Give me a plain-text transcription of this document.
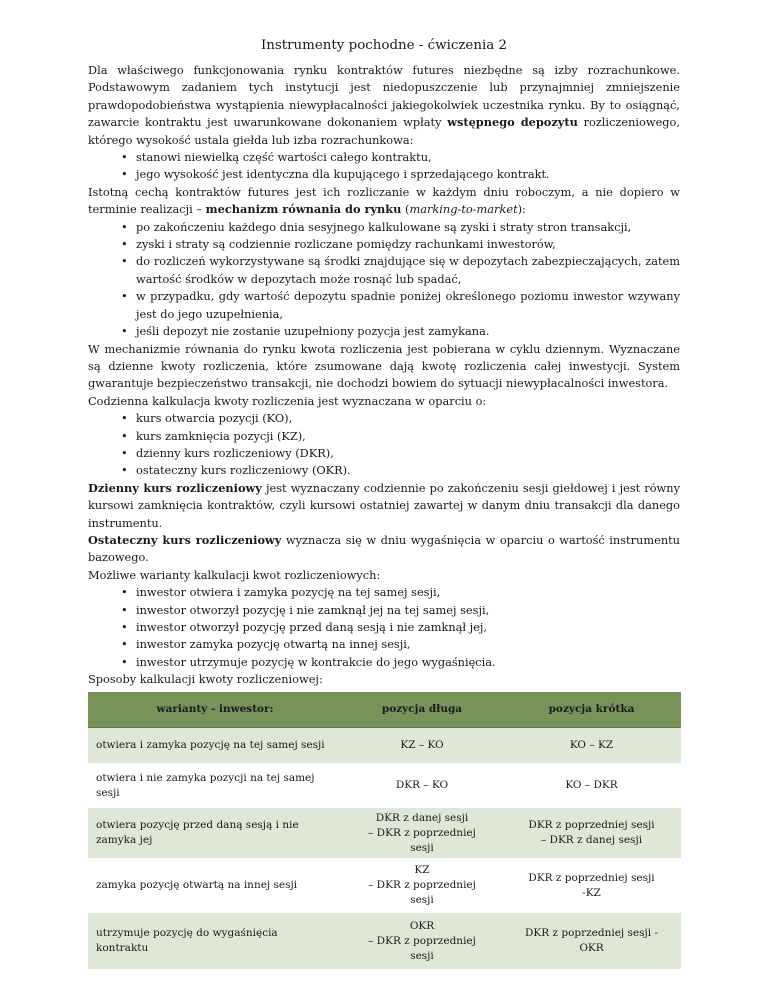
Instrumenty pochodne - ćwiczenia 2

Dla właściwego funkcjonowania rynku kontraktów futures niezbędne są izby rozrachunkowe. Podstawowym zadaniem tych instytucji jest niedopuszczenie lub przynajmniej zmniejszenie prawdopodobieństwa wystąpienia niewypłacalności jakiegokolwiek uczestnika rynku. By to osiągnąć, zawarcie kontraktu jest uwarunkowane dokonaniem wpłaty wstępnego depozytu rozliczeniowego, którego wysokość ustala giełda lub izba rozrachunkowa:

• stanowi niewielką część wartości całego kontraktu,
• jego wysokość jest identyczna dla kupującego i sprzedającego kontrakt.

Istotną cechą kontraktów futures jest ich rozliczanie w każdym dniu roboczym, a nie dopiero w terminie realizacji – mechanizm równania do rynku (marking-to-market):

• po zakończeniu każdego dnia sesyjnego kalkulowane są zyski i straty stron transakcji,
• zyski i straty są codziennie rozliczane pomiędzy rachunkami inwestorów,
• do rozliczeń wykorzystywane są środki znajdujące się w depozytach zabezpieczających, zatem wartość środków w depozytach może rosnąć lub spadać,
• w przypadku, gdy wartość depozytu spadnie poniżej określonego poziomu inwestor wzywany jest do jego uzupełnienia,
• jeśli depozyt nie zostanie uzupełniony pozycja jest zamykana.

W mechanizmie równania do rynku kwota rozliczenia jest pobierana w cyklu dziennym. Wyznaczane są dzienne kwoty rozliczenia, które zsumowane dają kwotę rozliczenia całej inwestycji. System gwarantuje bezpieczeństwo transakcji, nie dochodzi bowiem do sytuacji niewypłacalności inwestora.

Codzienna kalkulacja kwoty rozliczenia jest wyznaczana w oparciu o:

• kurs otwarcia pozycji (KO),
• kurs zamknięcia pozycji (KZ),
• dzienny kurs rozliczeniowy (DKR),
• ostateczny kurs rozliczeniowy (OKR).

Dzienny kurs rozliczeniowy jest wyznaczany codziennie po zakończeniu sesji giełdowej i jest równy kursowi zamknięcia kontraktów, czyli kursowi ostatniej zawartej w danym dniu transakcji dla danego instrumentu.

Ostateczny kurs rozliczeniowy wyznacza się w dniu wygaśnięcia w oparciu o wartość instrumentu bazowego.

Możliwe warianty kalkulacji kwot rozliczeniowych:

• inwestor otwiera i zamyka pozycję na tej samej sesji,
• inwestor otworzył pozycję i nie zamknął jej na tej samej sesji,
• inwestor otworzył pozycję przed daną sesją i nie zamknął jej,
• inwestor zamyka pozycję otwartą na innej sesji,
• inwestor utrzymuje pozycję w kontrakcie do jego wygaśnięcia.

Sposoby kalkulacji kwoty rozliczeniowej:

warianty - inwestor:	pozycja długa	pozycja krótka

otwiera i zamyka pozycję na tej samej sesji	KZ – KO	KO – KZ

otwiera i nie zamyka pozycji na tej samej
sesji	DKR – KO	KO – DKR

otwiera pozycję przed daną sesją i nie
zamyka jej	DKR z danej sesji
– DKR z poprzedniej
sesji	DKR z poprzedniej sesji
– DKR z danej sesji

zamyka pozycję otwartą na innej sesji	KZ
– DKR z poprzedniej
sesji	DKR z poprzedniej sesji
-KZ

utrzymuje pozycję do wygaśnięcia
kontraktu	OKR
– DKR z poprzedniej
sesji	DKR z poprzedniej sesji -
OKR
